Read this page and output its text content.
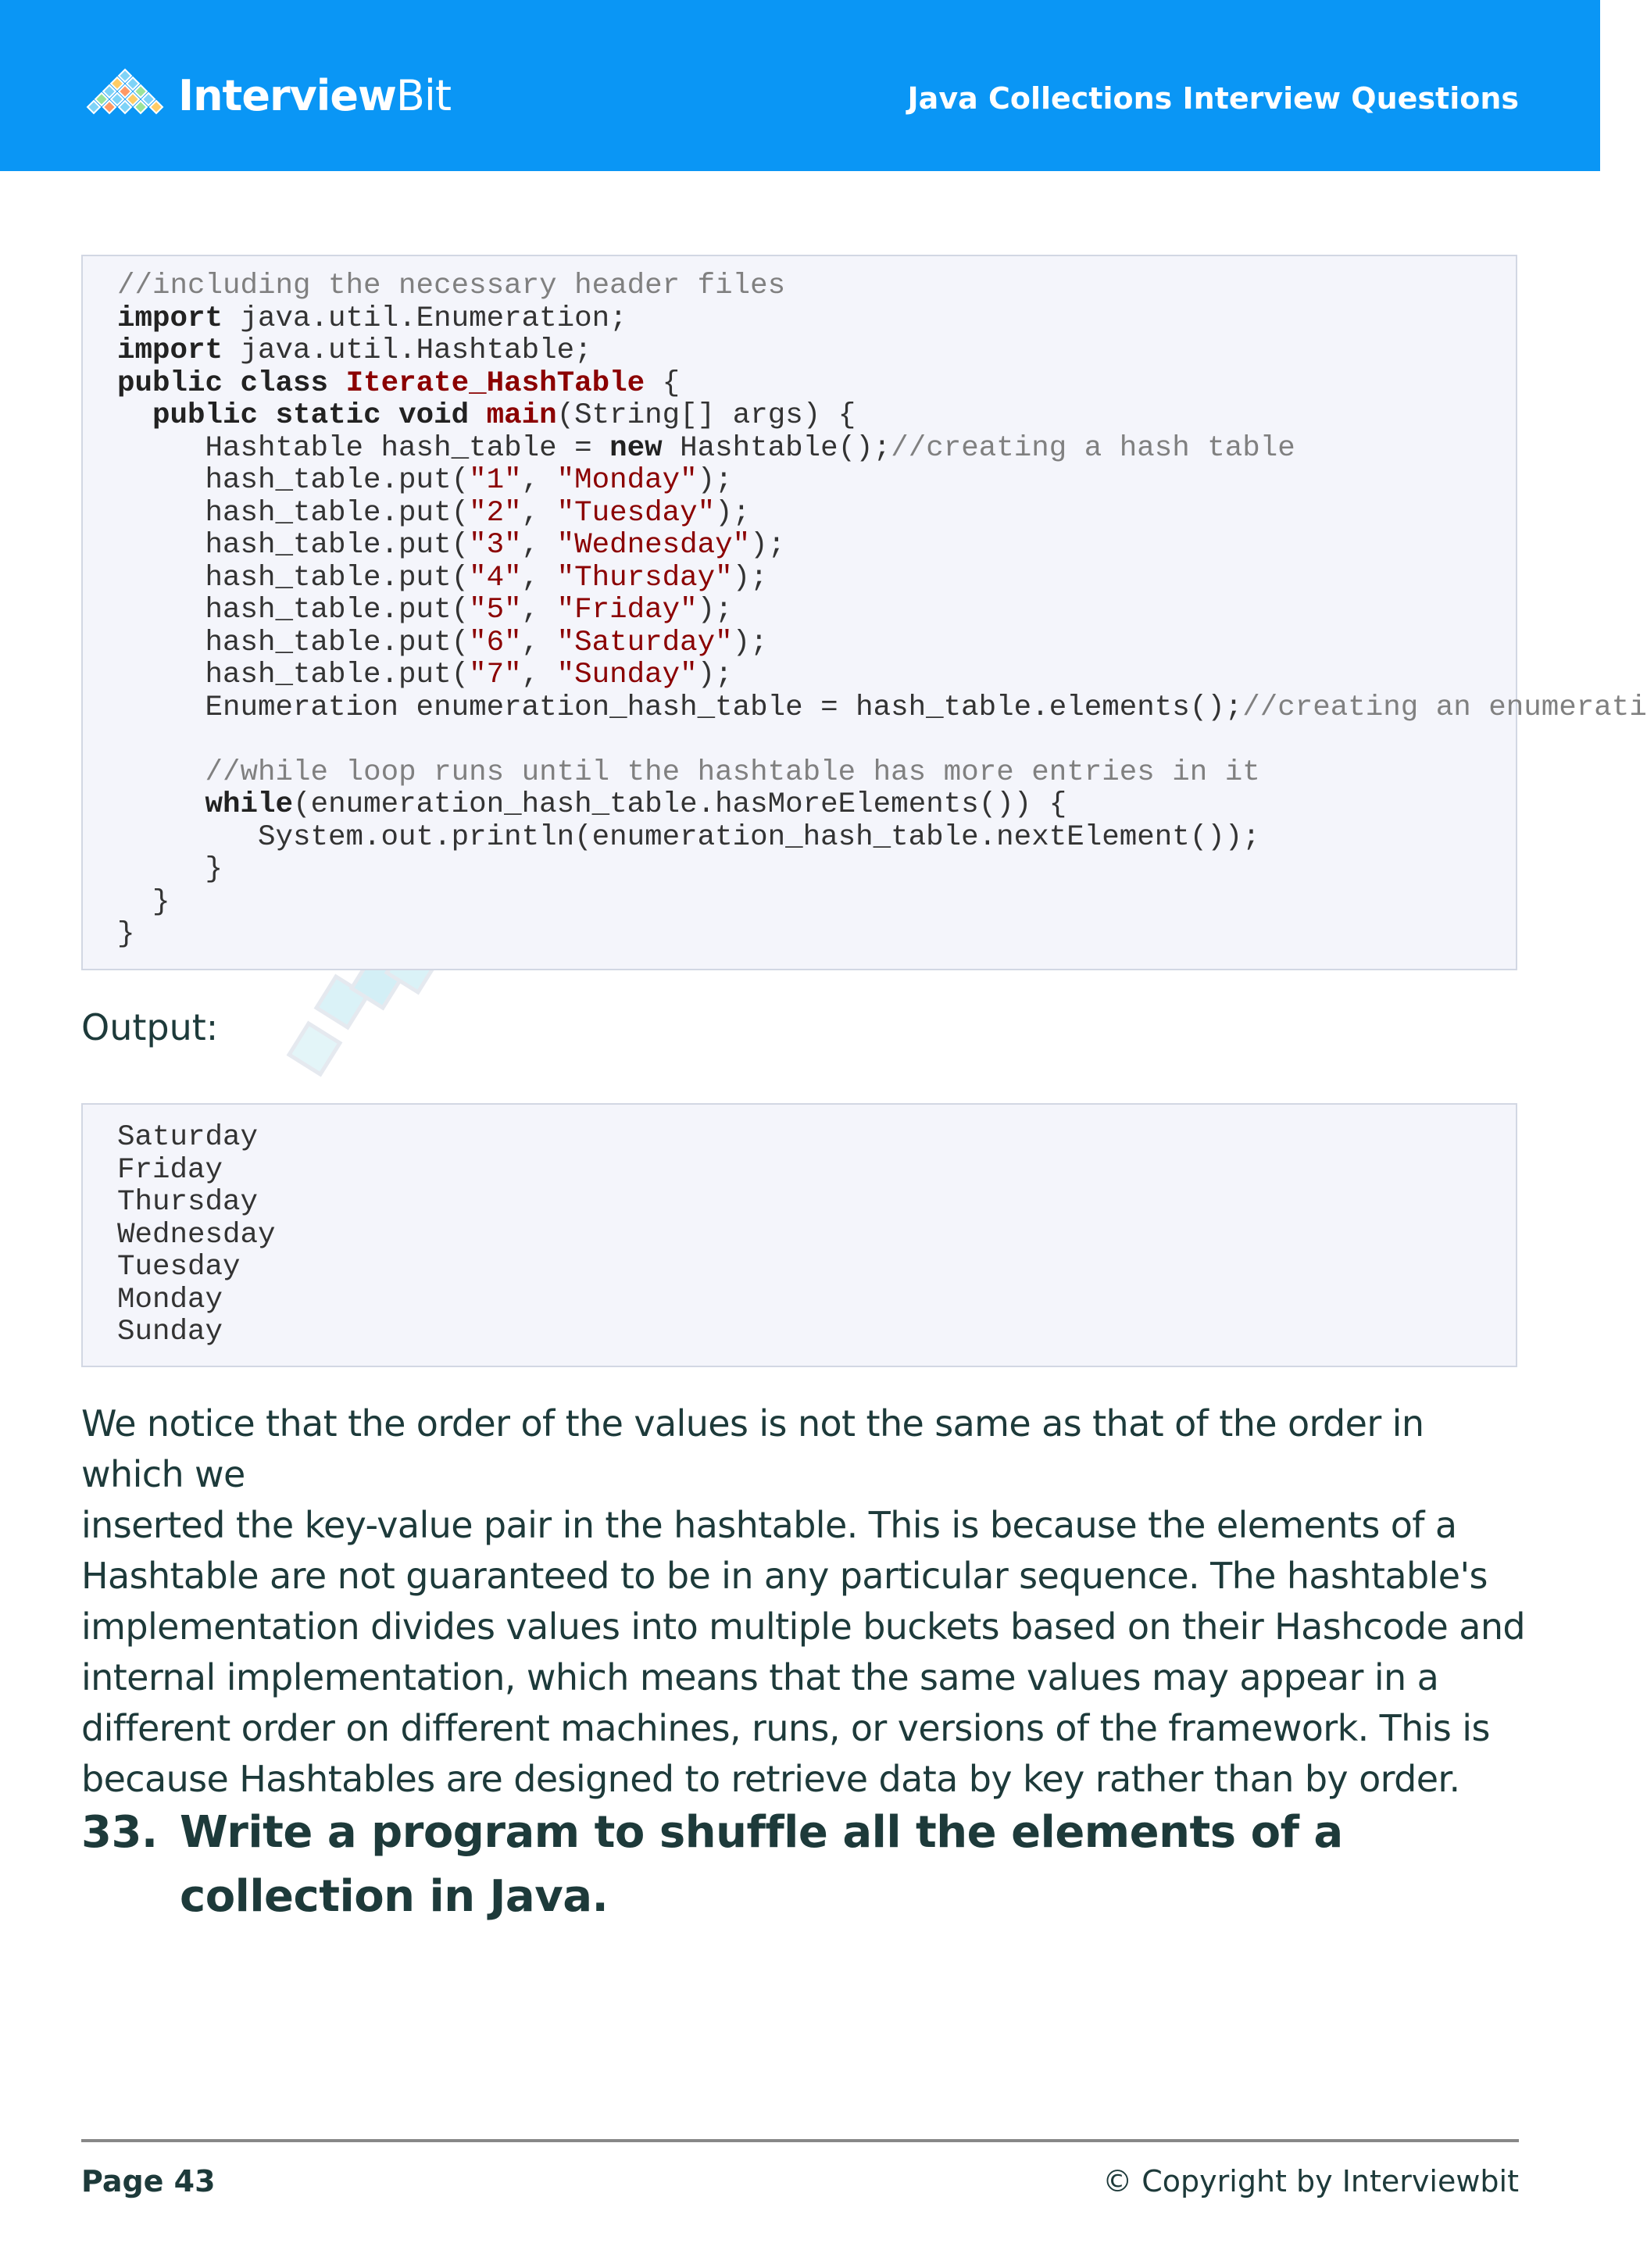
InterviewBit	Java Collections Interview Questions
//including the necessary header files
import java.util.Enumeration;
import java.util.Hashtable;
public class Iterate_HashTable {
public static void main(String[] args) {
Hashtable hash_table = new Hashtable();//creating a hash table
hash_table.put("1", "Monday");
hash_table.put("2", "Tuesday");
hash_table.put("3", "Wednesday");
hash_table.put("4", "Thursday");
hash_table.put("5", "Friday");
hash_table.put("6", "Saturday");
hash_table.put("7", "Sunday");
Enumeration enumeration_hash_table = hash_table.elements();//creating an enumerati

//while loop runs until the hashtable has more entries in it
while(enumeration_hash_table.hasMoreElements()) {
System.out.println(enumeration_hash_table.nextElement());
}
}
}
Output:
Saturday
Friday
Thursday
Wednesday
Tuesday
Monday
Sunday
We notice that the order of the values is not the same as that of the order in which we
inserted the key-value pair in the hashtable. This is because the elements of a
Hashtable are not guaranteed to be in any particular sequence. The hashtable's
implementation divides values into multiple buckets based on their Hashcode and
internal implementation, which means that the same values may appear in a
different order on different machines, runs, or versions of the framework. This is
because Hashtables are designed to retrieve data by key rather than by order.
33. Write a program to shuffle all the elements of a collection in Java.
Page 43	© Copyright by Interviewbit
